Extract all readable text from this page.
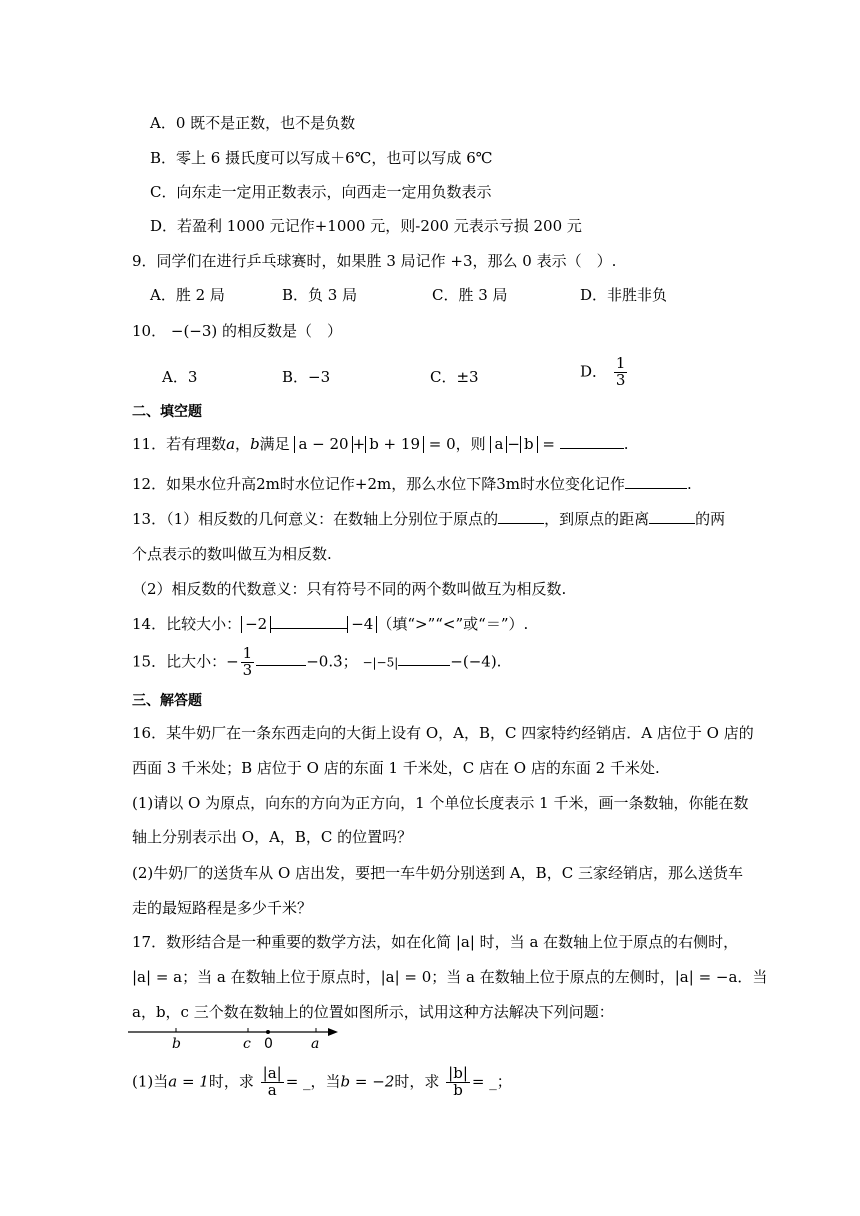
A．0 既不是正数，也不是负数
B．零上 6 摄氏度可以写成＋6℃，也可以写成 6℃
C．向东走一定用正数表示，向西走一定用负数表示
D．若盈利 1000 元记作+1000 元，则-200 元表示亏损 200 元
9．同学们在进行乒乓球赛时，如果胜 3 局记作 +3，那么 0 表示（　）.
A．胜 2 局	B．负 3 局	C．胜 3 局	D．非胜非负
10． −(−3) 的相反数是（　）
A．3	B．−3	C．±3	D． $\frac{1}{3}$
二、填空题
11．若有理数a，b满足 a − 20 + b + 19 = 0，则 a − b =	.
12．如果水位升高2m时水位记作+2m，那么水位下降3m时水位变化记作	.
13．（1）相反数的几何意义：在数轴上分别位于原点的	，到原点的距离	的两
个点表示的数叫做互为相反数.
（2）相反数的代数意义：只有符号不同的两个数叫做互为相反数.
14．比较大小： −2	−4 （填“>”“<”或“＝”）.
15．比大小：− $\frac{1}{3}$	−0.3̇； −|−5|	−(−4).
三、解答题
16．某牛奶厂在一条东西走向的大街上设有 O，A，B，C 四家特约经销店．A 店位于 O 店的
西面 3 千米处；B 店位于 O 店的东面 1 千米处，C 店在 O 店的东面 2 千米处.
(1)请以 O 为原点，向东的方向为正方向，1 个单位长度表示 1 千米，画一条数轴，你能在数
轴上分别表示出 O，A，B，C 的位置吗？
(2)牛奶厂的送货车从 O 店出发，要把一车牛奶分别送到 A，B，C 三家经销店，那么送货车
走的最短路程是多少千米？
17．数形结合是一种重要的数学方法，如在化简 |a| 时，当 a 在数轴上位于原点的右侧时，
|a| = a；当 a 在数轴上位于原点时，|a| = 0；当 a 在数轴上位于原点的左侧时，|a| = −a．当
a，b，c 三个数在数轴上的位置如图所示，试用这种方法解决下列问题：
b	c 0	a
(1)当a = 1时，求 $\frac{|a|}{a}$ = _，当b = −2时，求 $\frac{|b|}{b}$ = _；
